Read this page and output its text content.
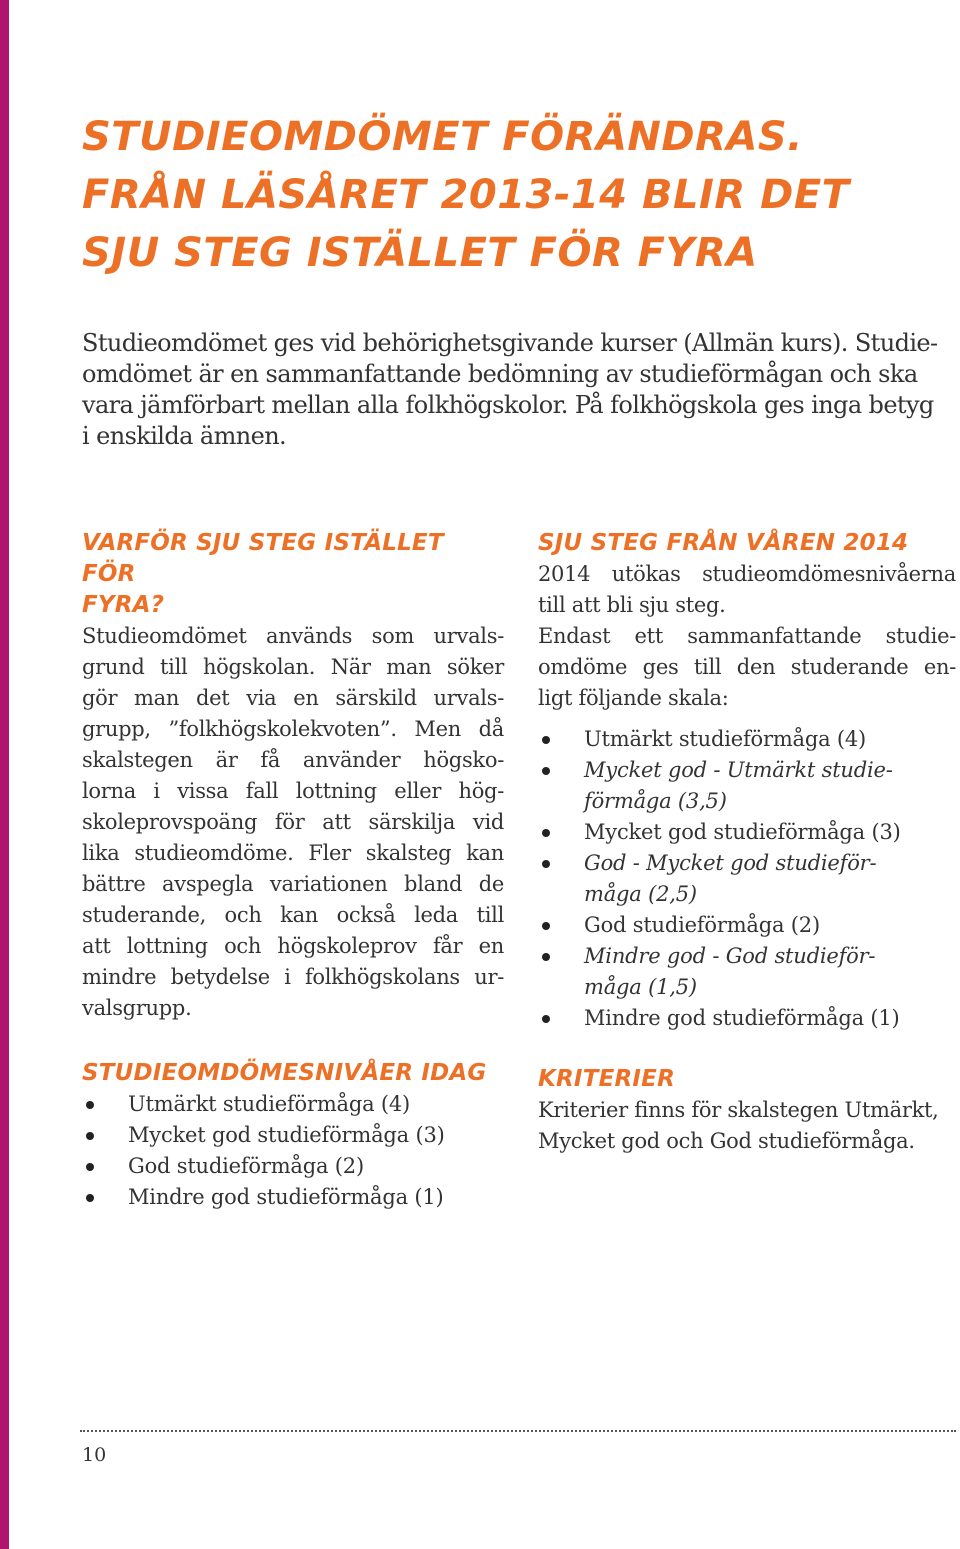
STUDIEOMDÖMET FÖRÄNDRAS.
FRÅN LÄSÅRET 2013-14 BLIR DET
SJU STEG ISTÄLLET FÖR FYRA

Studieomdömet ges vid behörighetsgivande kurser (Allmän kurs). Studie-
omdömet är en sammanfattande bedömning av studieförmågan och ska
vara jämförbart mellan alla folkhögskolor. På folkhögskola ges inga betyg
i enskilda ämnen.

VARFÖR SJU STEG ISTÄLLET FÖR
FYRA?
Studieomdömet används som urvals-
grund till högskolan. När man söker
gör man det via en särskild urvals-
grupp, ”folkhögskolekvoten”. Men då
skalstegen är få använder högsko-
lorna i vissa fall lottning eller hög-
skoleprovspoäng för att särskilja vid
lika studieomdöme. Fler skalsteg kan
bättre avspegla variationen bland de
studerande, och kan också leda till
att lottning och högskoleprov får en
mindre betydelse i folkhögskolans ur-
valsgrupp.
STUDIEOMDÖMESNIVÅER IDAG
Utmärkt studieförmåga (4)
Mycket god studieförmåga (3)
God studieförmåga (2)
Mindre god studieförmåga (1)
SJU STEG FRÅN VÅREN 2014
2014 utökas studieomdömesnivåerna
till att bli sju steg.
Endast ett sammanfattande studie-
omdöme ges till den studerande en-
ligt följande skala:
Utmärkt studieförmåga (4)
Mycket god - Utmärkt studie-
förmåga (3,5)
Mycket god studieförmåga (3)
God - Mycket god studieför-
måga (2,5)
God studieförmåga (2)
Mindre god - God studieför-
måga (1,5)
Mindre god studieförmåga (1)
KRITERIER
Kriterier finns för skalstegen Utmärkt,
Mycket god och God studieförmåga.
10
